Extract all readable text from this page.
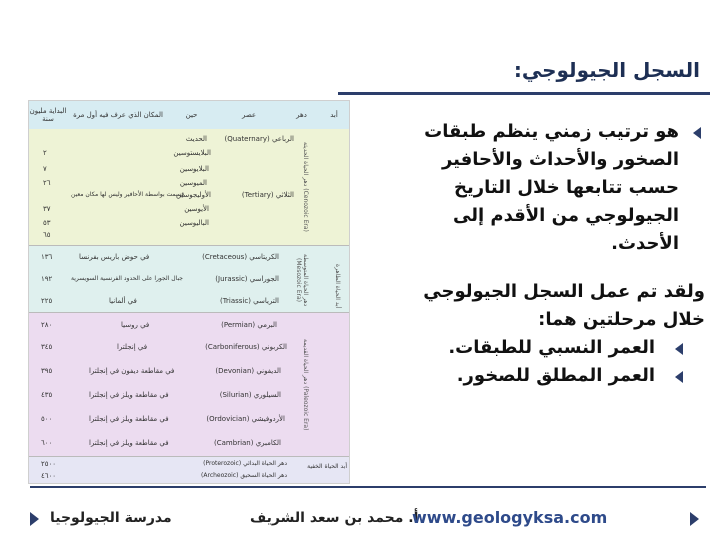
السجل الجيولوجي:
هو ترتيب زمني ينظم طبقات الصخور والأحداث والأحافير حسب تتابعها خلال التاريخ الجيولوجي من الأقدم إلى الأحدث.
ولقد تم عمل السجل الجيولوجي خلال مرحلتين هما:
العمر النسبي للطبقات.
العمر المطلق للصخور.
أبد
دهر
عصر
حين
المكان الذي عرف فيه أول مرة
البداية مليون سنة
الرباعي (Quaternary)
الحديث
البلايستوسين
٢
البلايوسين
٧
الميوسين
٢٦
الثلاثي (Tertiary)
الأوليجوسين
قسمت بواسطة الأحافير وليس لها مكان معين
الأيوسين
٣٧
الباليوسين
٥٣
٦٥
دهر الحياة الحديثة (Cenozoic Era)
الكريتاسي (Cretaceous)
في حوض باريس بفرنسا
١٣٦
الجوراسي (Jurassic)
جبال الجورا على الحدود الفرنسية السويسرية
١٩٢
الترياسي (Triassic)
في ألمانيا
٢٢٥	دهر الحياة المتوسطة (Mesozoic Era)
البرمي (Permian)
في روسيا
٢٨٠
الكربوني (Carboniferous)
في إنجلترا
٣٤٥
الديفوني (Devonian)
في مقاطعة ديفون في إنجلترا
٣٩٥
السيلوري (Silurian)
في مقاطعة ويلز في إنجلترا
٤٣٥
الأردوفيشي (Ordovician)
في مقاطعة ويلز في إنجلترا
٥٠٠
الكامبري (Cambrian)
في مقاطعة ويلز في إنجلترا
٦٠٠
دهر الحياة القديمة (Paleozoic Era)
أبد الحياة الظاهرة
دهر الحياة البدائي (Proterozoic)
٢٥٠٠
دهر الحياة السحيق (Archeozoic)
٤٦٠٠
أبد الحياة الخفية
مدرسة الجيولوجيا	أ. محمد بن سعد الشريف
www.geologyksa.com
